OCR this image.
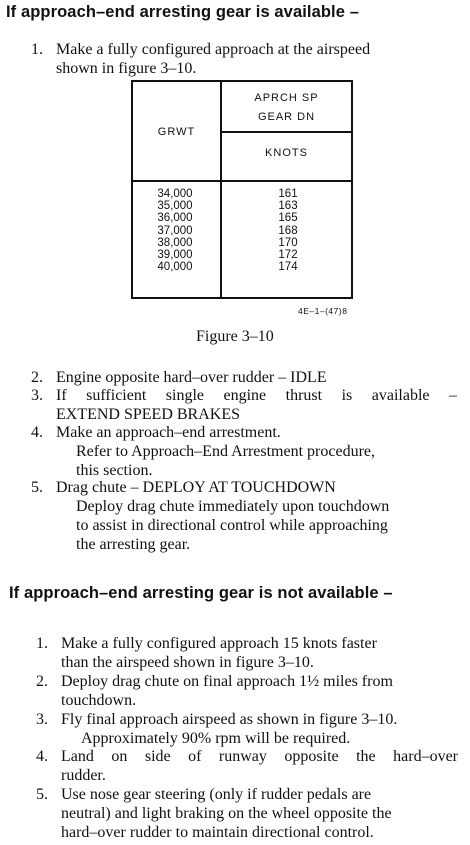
If approach–end arresting gear is available –
1. Make a fully configured approach at the airspeed
shown in figure 3–10.
GRWT
APRCH SP
GEAR DN
KNOTS
34,000
35,000
36,000
37,000
38,000
39,000
40,000
161
163
165
168
170
172
174
4E–1–(47)8
Figure 3–10
2. Engine opposite hard–over rudder – IDLE
3. If sufficient single engine thrust is available –
EXTEND SPEED BRAKES
4. Make an approach–end arrestment.
Refer to Approach–End Arrestment procedure,
this section.
5. Drag chute – DEPLOY AT TOUCHDOWN
Deploy drag chute immediately upon touchdown
to assist in directional control while approaching
the arresting gear.
If approach–end arresting gear is not available –
1. Make a fully configured approach 15 knots faster
than the airspeed shown in figure 3–10.
2. Deploy drag chute on final approach 1½ miles from
touchdown.
3. Fly final approach airspeed as shown in figure 3–10.
Approximately 90% rpm will be required.
4. Land on side of runway opposite the hard–over
rudder.
5. Use nose gear steering (only if rudder pedals are
neutral) and light braking on the wheel opposite the
hard–over rudder to maintain directional control.
